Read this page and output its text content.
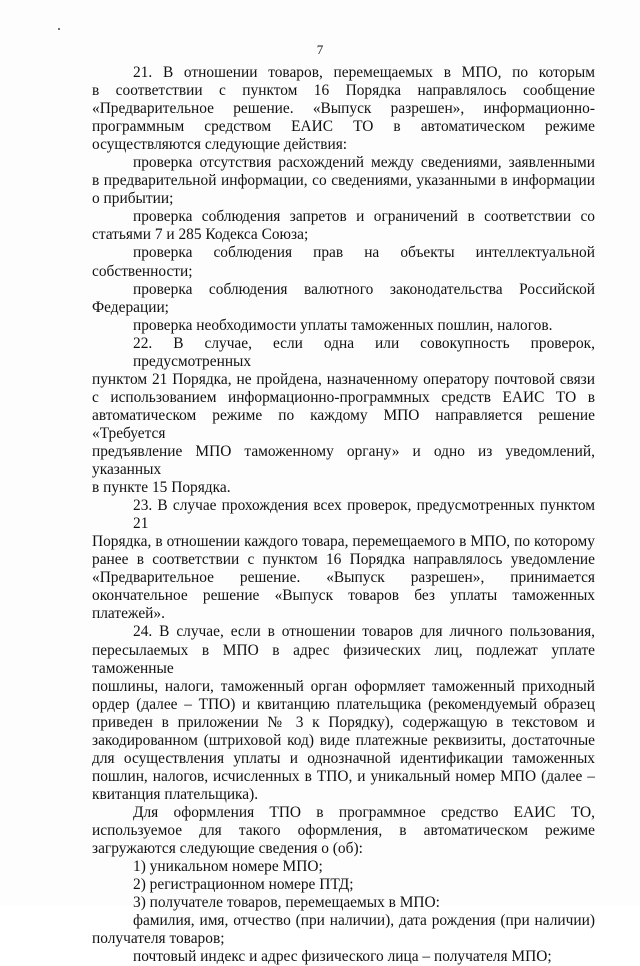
7
21. В отношении товаров, перемещаемых в МПО, по которым
в соответствии с пунктом 16 Порядка направлялось сообщение
«Предварительное решение. «Выпуск разрешен», информационно-
программным средством ЕАИС ТО в автоматическом режиме
осуществляются следующие действия:
проверка отсутствия расхождений между сведениями, заявленными
в предварительной информации, со сведениями, указанными в информации
о прибытии;
проверка соблюдения запретов и ограничений в соответствии со
статьями 7 и 285 Кодекса Союза;
проверка соблюдения прав на объекты интеллектуальной
собственности;
проверка соблюдения валютного законодательства Российской
Федерации;
проверка необходимости уплаты таможенных пошлин, налогов.
22. В случае, если одна или совокупность проверок, предусмотренных
пунктом 21 Порядка, не пройдена, назначенному оператору почтовой связи
с использованием информационно-программных средств ЕАИС ТО в
автоматическом режиме по каждому МПО направляется решение «Требуется
предъявление МПО таможенному органу» и одно из уведомлений, указанных
в пункте 15 Порядка.
23. В случае прохождения всех проверок, предусмотренных пунктом 21
Порядка, в отношении каждого товара, перемещаемого в МПО, по которому
ранее в соответствии с пунктом 16 Порядка направлялось уведомление
«Предварительное решение. «Выпуск разрешен», принимается
окончательное решение «Выпуск товаров без уплаты таможенных
платежей».
24. В случае, если в отношении товаров для личного пользования,
пересылаемых в МПО в адрес физических лиц, подлежат уплате таможенные
пошлины, налоги, таможенный орган оформляет таможенный приходный
ордер (далее – ТПО) и квитанцию плательщика (рекомендуемый образец
приведен в приложении № 3 к Порядку), содержащую в текстовом и
закодированном (штриховой код) виде платежные реквизиты, достаточные
для осуществления уплаты и однозначной идентификации таможенных
пошлин, налогов, исчисленных в ТПО, и уникальный номер МПО (далее –
квитанция плательщика).
Для оформления ТПО в программное средство ЕАИС ТО,
используемое для такого оформления, в автоматическом режиме
загружаются следующие сведения о (об):
1) уникальном номере МПО;
2) регистрационном номере ПТД;
3) получателе товаров, перемещаемых в МПО:
фамилия, имя, отчество (при наличии), дата рождения (при наличии)
получателя товаров;
почтовый индекс и адрес физического лица – получателя МПО;
